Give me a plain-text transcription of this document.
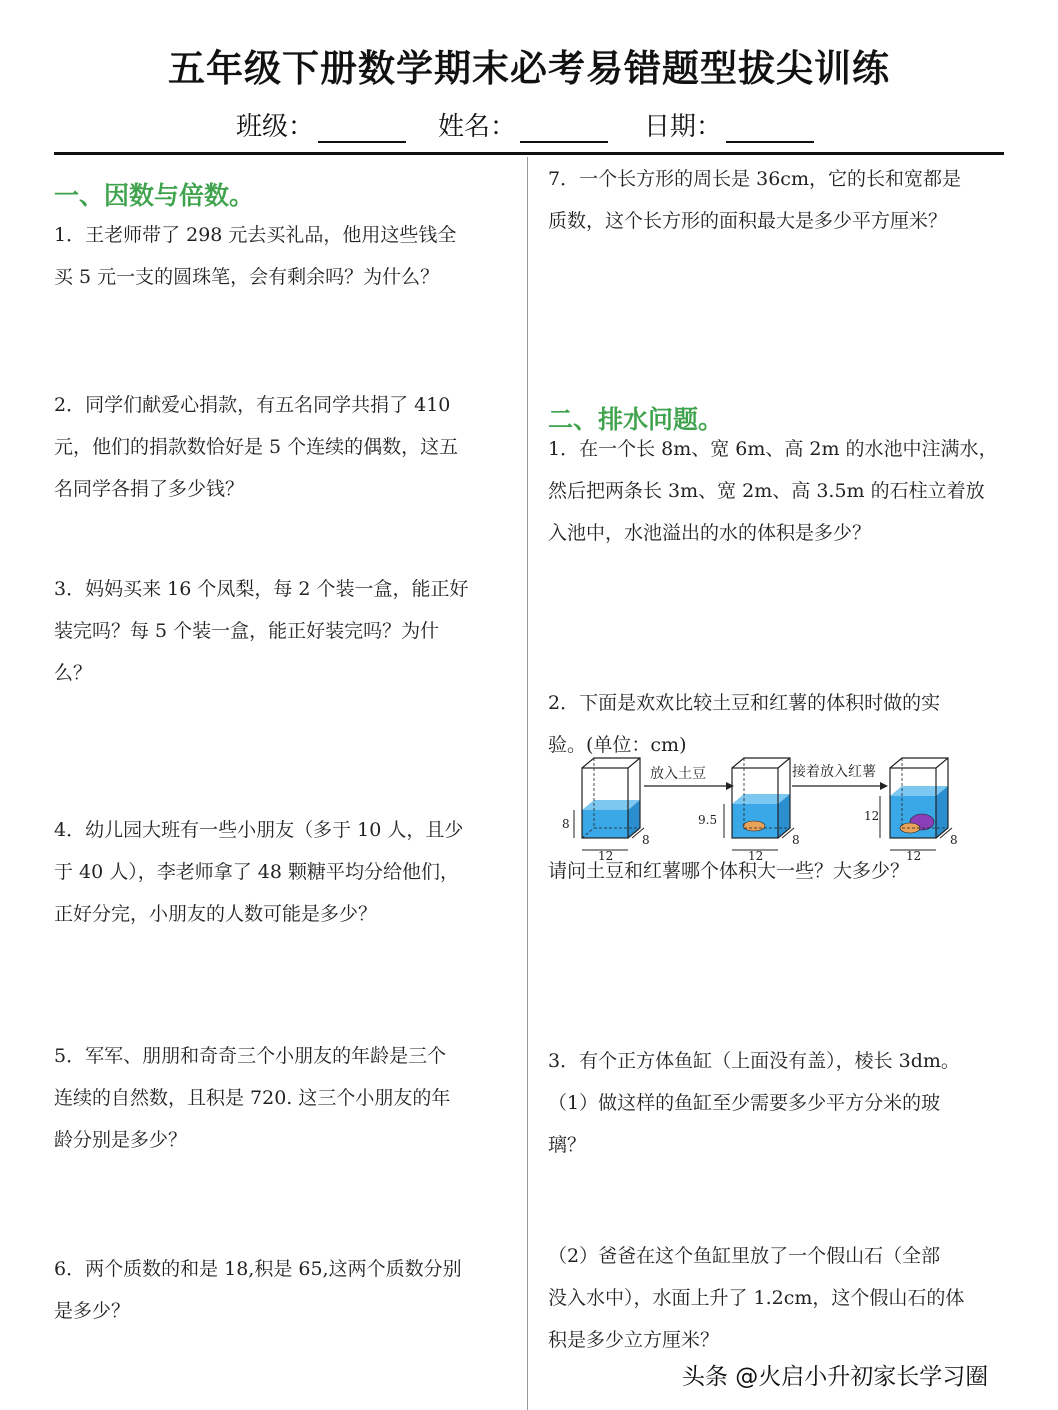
五年级下册数学期末必考易错题型拔尖训练
班级：	姓名：	日期：
一、因数与倍数。

1．王老师带了 298 元去买礼品，他用这些钱全

买 5 元一支的圆珠笔，会有剩余吗？为什么？

2．同学们献爱心捐款，有五名同学共捐了 410

元，他们的捐款数恰好是 5 个连续的偶数，这五

名同学各捐了多少钱？

3．妈妈买来 16 个凤梨，每 2 个装一盒，能正好

装完吗？每 5 个装一盒，能正好装完吗？为什

么？

4．幼儿园大班有一些小朋友（多于 10 人，且少

于 40 人），李老师拿了 48 颗糖平均分给他们，

正好分完，小朋友的人数可能是多少？

5．军军、朋朋和奇奇三个小朋友的年龄是三个

连续的自然数，且积是 720. 这三个小朋友的年

龄分别是多少？

6．两个质数的和是 18,积是 65,这两个质数分别

是多少？

7．一个长方形的周长是 36cm，它的长和宽都是

质数，这个长方形的面积最大是多少平方厘米？

二、排水问题。

1．在一个长 8m、宽 6m、高 2m 的水池中注满水，

然后把两条长 3m、宽 2m、高 3.5m 的石柱立着放

入池中，水池溢出的水的体积是多少？

2．下面是欢欢比较土豆和红薯的体积时做的实

验。(单位：cm)

8
12
8
放入土豆
9.5
12
8
接着放入红薯
12
12
8

请问土豆和红薯哪个体积大一些？大多少？

3．有个正方体鱼缸（上面没有盖），棱长 3dm。

（1）做这样的鱼缸至少需要多少平方分米的玻

璃？

（2）爸爸在这个鱼缸里放了一个假山石（全部

没入水中），水面上升了 1.2cm，这个假山石的体

积是多少立方厘米？

头条 @火启小升初家长学习圈
